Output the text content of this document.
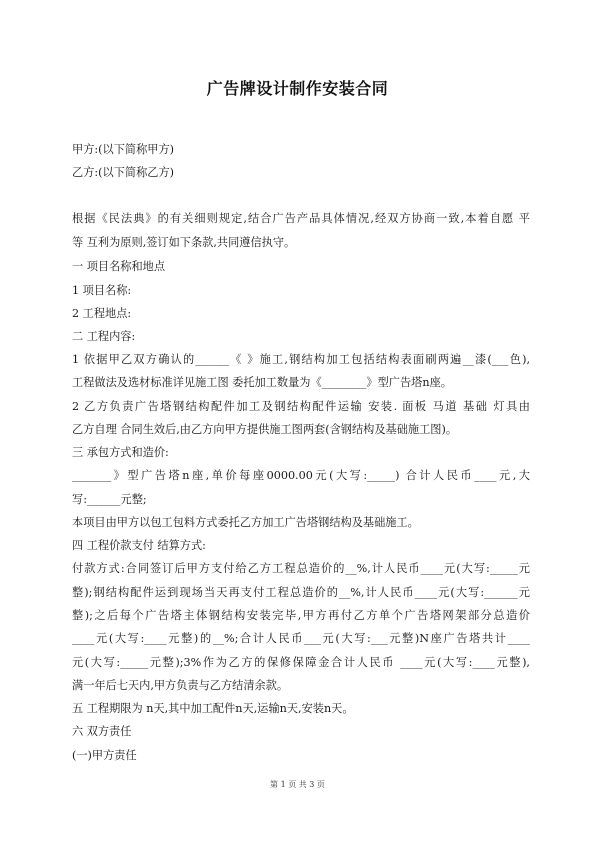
广告牌设计制作安装合同
甲方:(以下简称甲方)
乙方:(以下简称乙方)
根据《民法典》的有关细则规定,结合广告产品具体情况,经双方协商一致,本着自愿 平
等 互利为原则,签订如下条款,共同遵信执守。
一 项目名称和地点
1 项目名称:
2 工程地点:
二 工程内容:
1 依据甲乙双方确认的______《 》施工,钢结构加工包括结构表面刷两遍__漆(___色),
工程做法及选材标准详见施工图 委托加工数量为《________》型广告塔n座。
2 乙方负责广告塔钢结构配件加工及钢结构配件运输 安装. 面板 马道 基础 灯具由
乙方自理 合同生效后,由乙方向甲方提供施工图两套(含钢结构及基础施工图)。
三 承包方式和造价:
_______》型广告塔n座,单价每座0000.00元(大写:_____) 合计人民币____元,大
写:______元整;
本项目由甲方以包工包料方式委托乙方加工广告塔钢结构及基础施工。
四 工程价款支付 结算方式:
付款方式:合同签订后甲方支付给乙方工程总造价的__%,计人民币____元(大写:_____元
整);钢结构配件运到现场当天再支付工程总造价的__%,计人民币____元(大写:______元
整);之后每个广告塔主体钢结构安装完毕,甲方再付乙方单个广告塔网架部分总造价
____元(大写:____元整)的__%;合计人民币___元(大写:___元整)N座广告塔共计____
元(大写:_____元整);3%作为乙方的保修保障金合计人民币 ____元(大写:____元整),
满一年后七天内,甲方负责与乙方结清余款。
五 工程期限为 n天,其中加工配件n天,运输n天,安装n天。
六 双方责任
(一)甲方责任
第 1 页 共 3 页
